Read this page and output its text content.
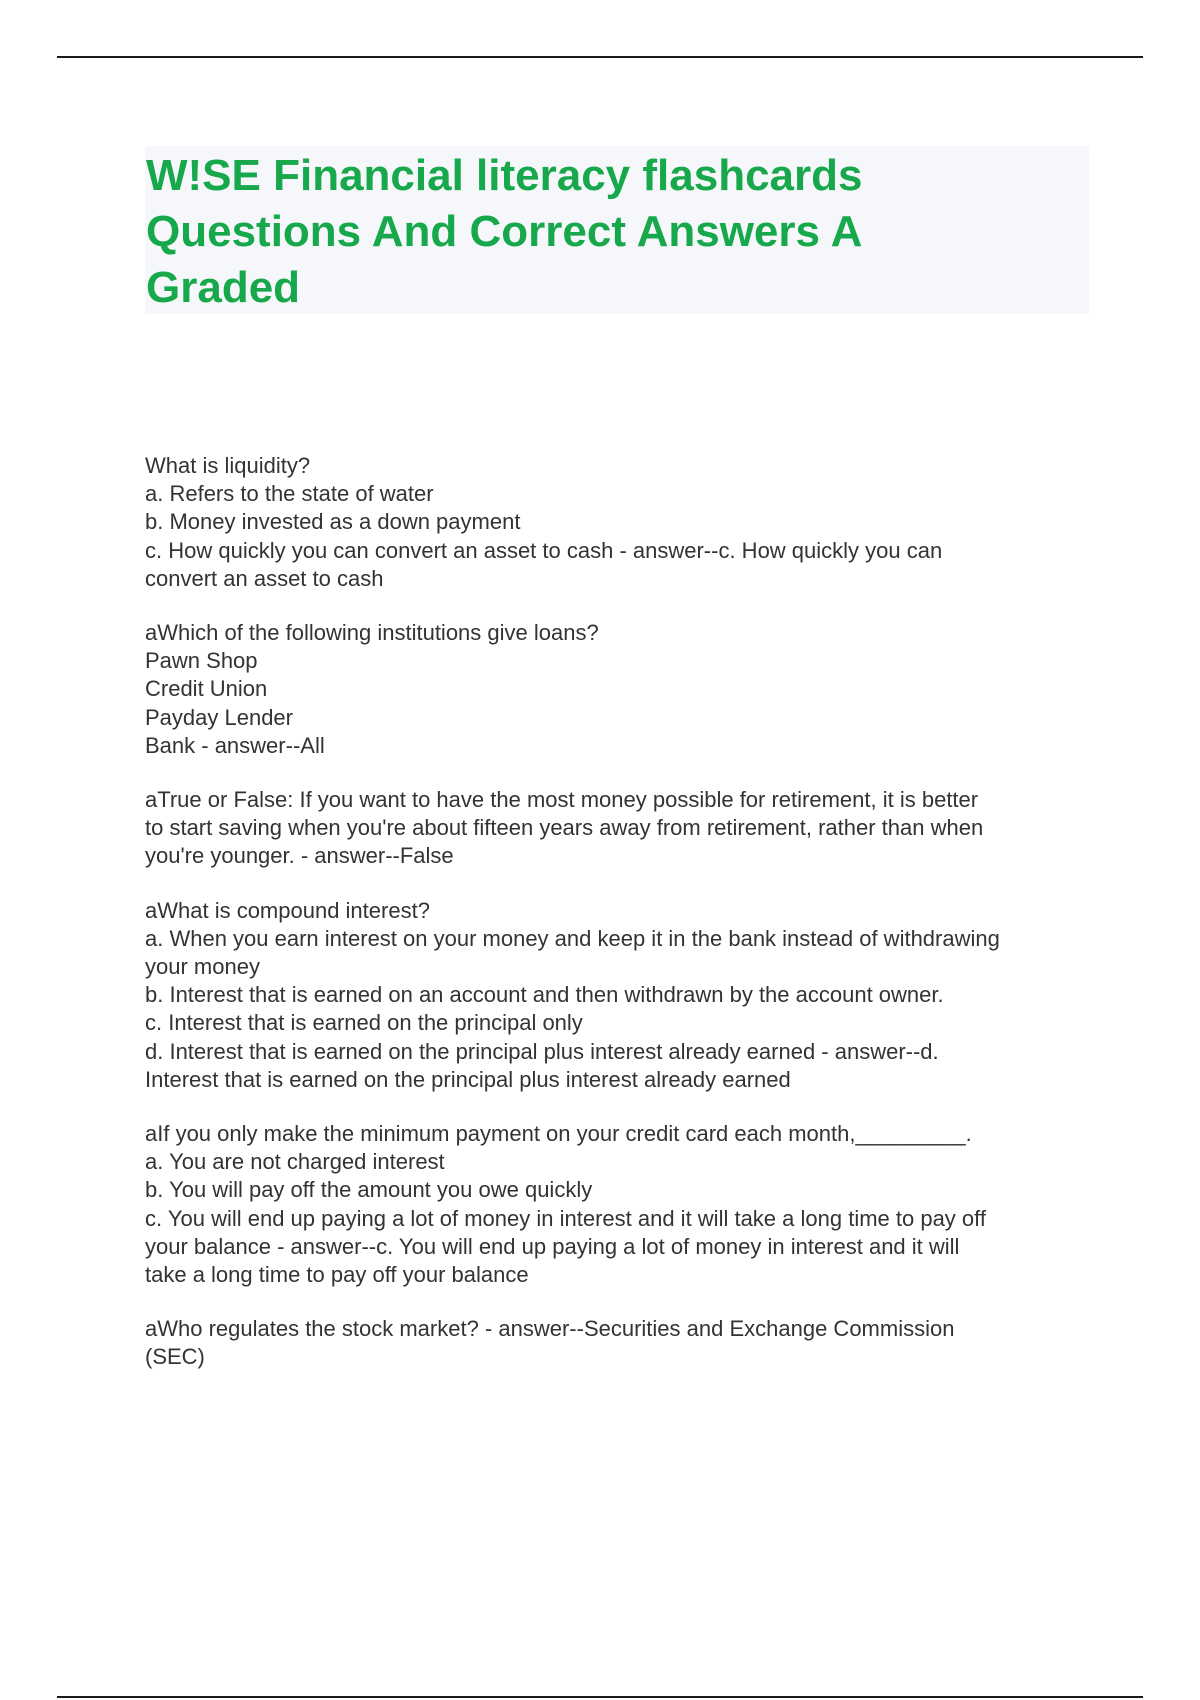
W!SE Financial literacy flashcards
Questions And Correct Answers A
Graded
What is liquidity?
a. Refers to the state of water
b. Money invested as a down payment
c. How quickly you can convert an asset to cash - answer--c. How quickly you can
convert an asset to cash
aWhich of the following institutions give loans?
Pawn Shop
Credit Union
Payday Lender
Bank - answer--All
aTrue or False: If you want to have the most money possible for retirement, it is better
to start saving when you're about fifteen years away from retirement, rather than when
you're younger. - answer--False
aWhat is compound interest?
a. When you earn interest on your money and keep it in the bank instead of withdrawing
your money
b. Interest that is earned on an account and then withdrawn by the account owner.
c. Interest that is earned on the principal only
d. Interest that is earned on the principal plus interest already earned - answer--d.
Interest that is earned on the principal plus interest already earned
aIf you only make the minimum payment on your credit card each month,_________.
a. You are not charged interest
b. You will pay off the amount you owe quickly
c. You will end up paying a lot of money in interest and it will take a long time to pay off
your balance - answer--c. You will end up paying a lot of money in interest and it will
take a long time to pay off your balance
aWho regulates the stock market? - answer--Securities and Exchange Commission
(SEC)
